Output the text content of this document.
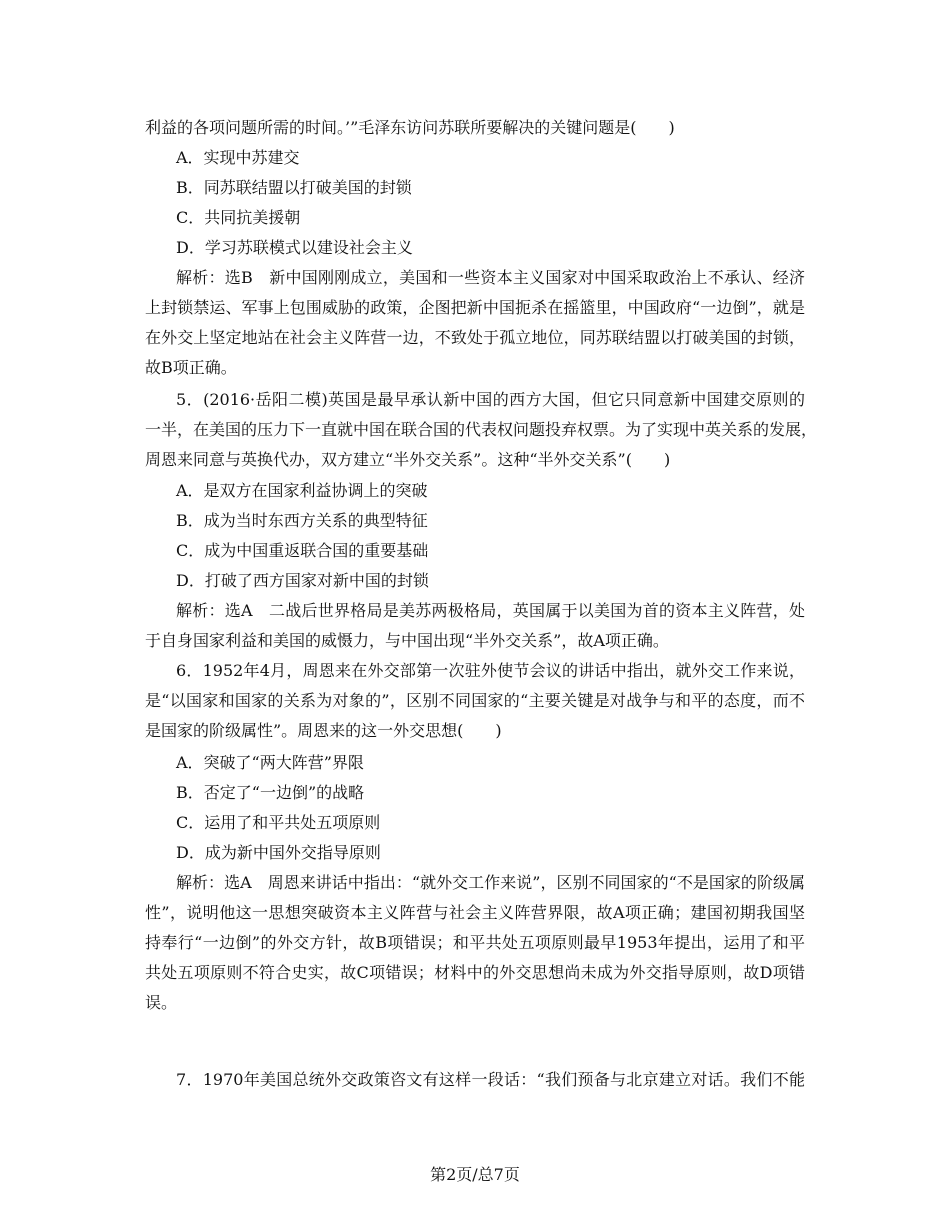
利益的各项问题所需的时间。’”毛泽东访问苏联所要解决的关键问题是(　　)
A．实现中苏建交
B．同苏联结盟以打破美国的封锁
C．共同抗美援朝
D．学习苏联模式以建设社会主义
解析：选B　新中国刚刚成立，美国和一些资本主义国家对中国采取政治上不承认、经济
上封锁禁运、军事上包围威胁的政策，企图把新中国扼杀在摇篮里，中国政府“一边倒”，就是
在外交上坚定地站在社会主义阵营一边，不致处于孤立地位，同苏联结盟以打破美国的封锁，
故B项正确。
5．(2016·岳阳二模)英国是最早承认新中国的西方大国，但它只同意新中国建交原则的
一半，在美国的压力下一直就中国在联合国的代表权问题投弃权票。为了实现中英关系的发展，
周恩来同意与英换代办，双方建立“半外交关系”。这种“半外交关系”(　　)
A．是双方在国家利益协调上的突破
B．成为当时东西方关系的典型特征
C．成为中国重返联合国的重要基础
D．打破了西方国家对新中国的封锁
解析：选A　二战后世界格局是美苏两极格局，英国属于以美国为首的资本主义阵营，处
于自身国家利益和美国的威慑力，与中国出现“半外交关系”，故A项正确。
6．1952年4月，周恩来在外交部第一次驻外使节会议的讲话中指出，就外交工作来说，
是“以国家和国家的关系为对象的”，区别不同国家的“主要关键是对战争与和平的态度，而不
是国家的阶级属性”。周恩来的这一外交思想(　　)
A．突破了“两大阵营”界限
B．否定了“一边倒”的战略
C．运用了和平共处五项原则
D．成为新中国外交指导原则
解析：选A　周恩来讲话中指出：“就外交工作来说”，区别不同国家的“不是国家的阶级属
性”，说明他这一思想突破资本主义阵营与社会主义阵营界限，故A项正确；建国初期我国坚
持奉行“一边倒”的外交方针，故B项错误；和平共处五项原则最早1953年提出，运用了和平
共处五项原则不符合史实，故C项错误；材料中的外交思想尚未成为外交指导原则，故D项错
误。
7．1970年美国总统外交政策咨文有这样一段话：“我们预备与北京建立对话。我们不能
第2页/总7页
